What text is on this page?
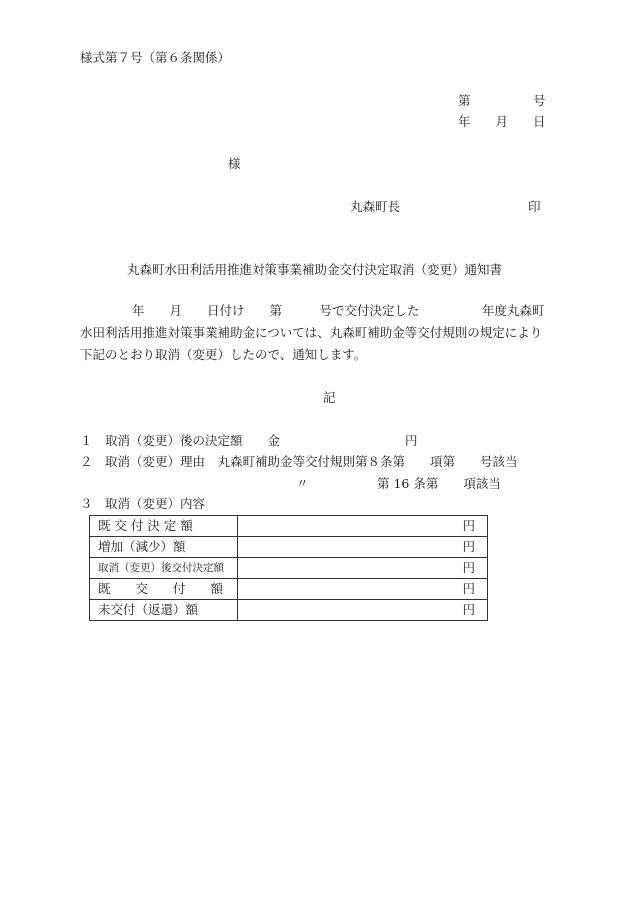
様式第７号（第６条関係）
第　　　　　号
年　　月　　日
様
丸森町長	印
丸森町水田利活用推進対策事業補助金交付決定取消（変更）通知書
年　　月　　日付け　　第　　　号で交付決定した　　　　　年度丸森町
水田利活用推進対策事業補助金については、丸森町補助金等交付規則の規定により
下記のとおり取消（変更）したので、通知します。
記
１　取消（変更）後の決定額　　金　　　　　　　　　　円
２　取消（変更）理由　丸森町補助金等交付規則第８条第　　項第　　号該当
〃	第 16 条第　　項該当
３　取消（変更）内容
既 交 付 決 定 額	円
増加（減少）額	円
取消（変更）後交付決定額	円
既　　交　　付　　額	円
未交付（返還）額	円
